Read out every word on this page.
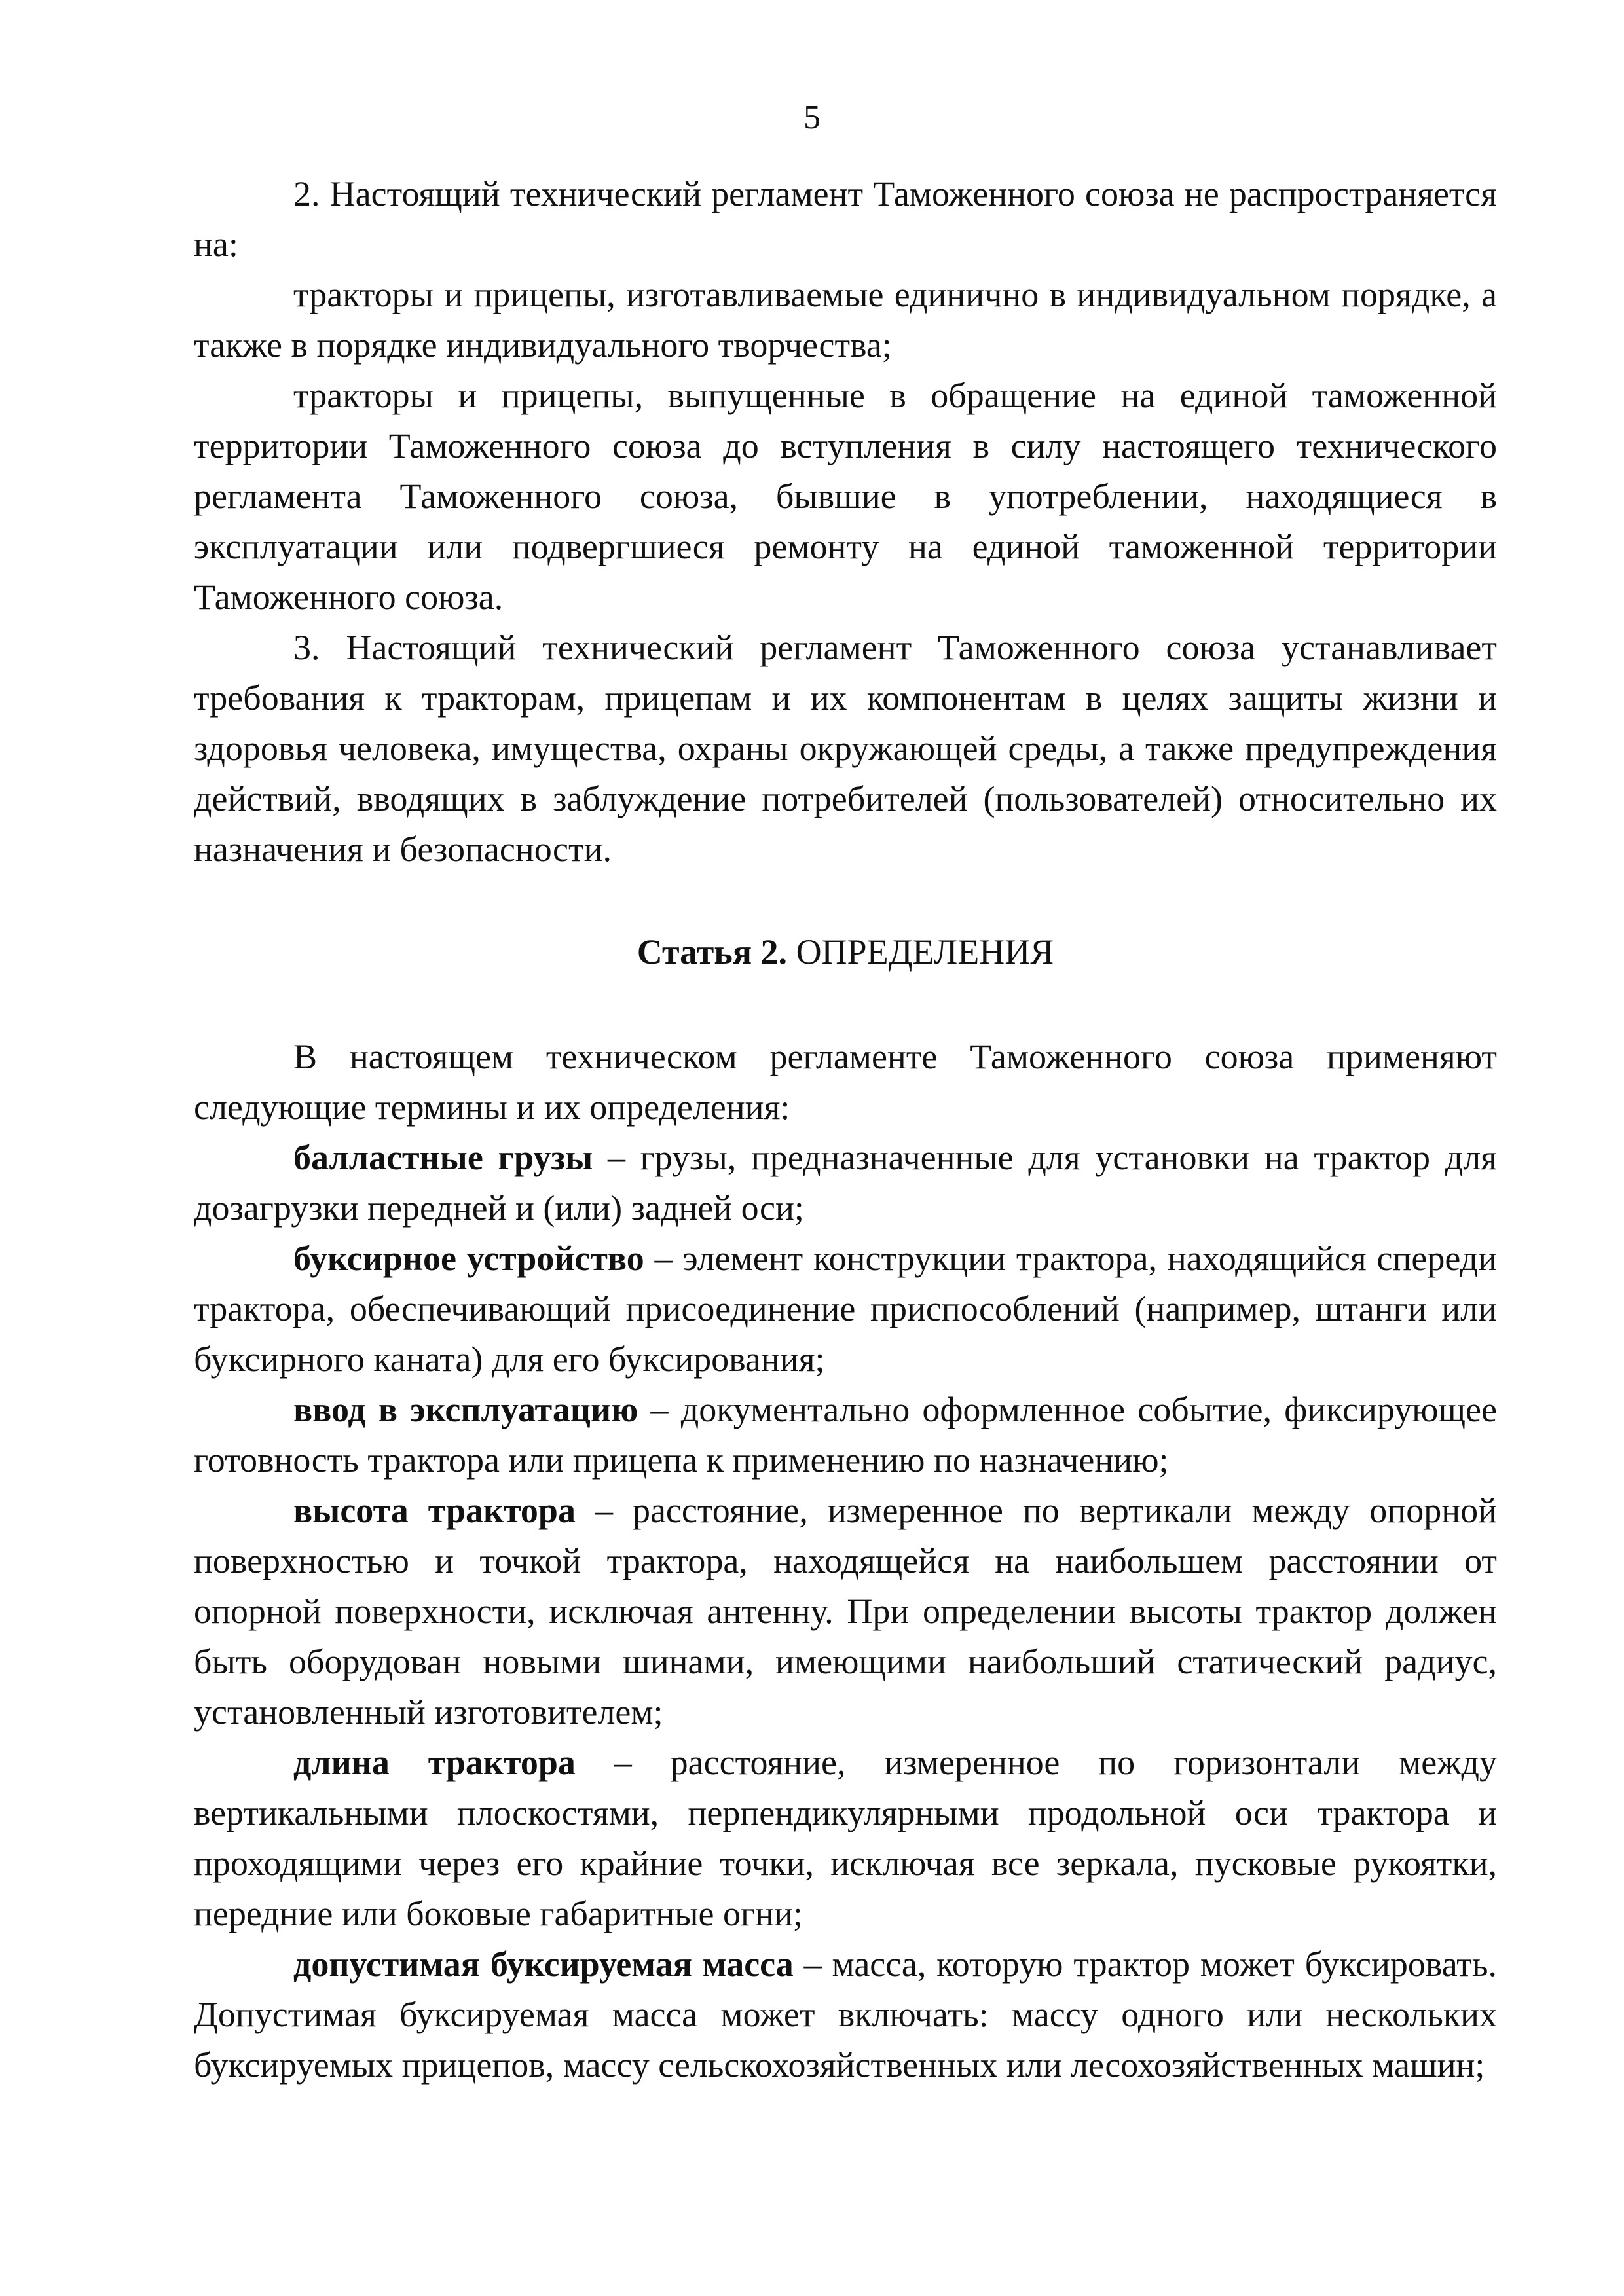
5

2. Настоящий технический регламент Таможенного союза не распространяется на:

тракторы и прицепы, изготавливаемые единично в индивидуальном порядке, а также в порядке индивидуального творчества;

тракторы и прицепы, выпущенные в обращение на единой таможенной территории Таможенного союза до вступления в силу настоящего технического регламента Таможенного союза, бывшие в употреблении, находящиеся в эксплуатации или подвергшиеся ремонту на единой таможенной территории Таможенного союза.

3. Настоящий технический регламент Таможенного союза устанавливает требования к тракторам, прицепам и их компонентам в целях защиты жизни и здоровья человека, имущества, охраны окружающей среды, а также предупреждения действий, вводящих в заблуждение потребителей (пользователей) относительно их назначения и безопасности.

Статья 2. ОПРЕДЕЛЕНИЯ

В настоящем техническом регламенте Таможенного союза применяют следующие термины и их определения:

балластные грузы – грузы, предназначенные для установки на трактор для дозагрузки передней и (или) задней оси;

буксирное устройство – элемент конструкции трактора, находящийся спереди трактора, обеспечивающий присоединение приспособлений (например, штанги или буксирного каната) для его буксирования;

ввод в эксплуатацию – документально оформленное событие, фиксирующее готовность трактора или прицепа к применению по назначению;

высота трактора – расстояние, измеренное по вертикали между опорной поверхностью и точкой трактора, находящейся на наибольшем расстоянии от опорной поверхности, исключая антенну. При определении высоты трактор должен быть оборудован новыми шинами, имеющими наибольший статический радиус, установленный изготовителем;

длина трактора – расстояние, измеренное по горизонтали между вертикальными плоскостями, перпендикулярными продольной оси трактора и проходящими через его крайние точки, исключая все зеркала, пусковые рукоятки, передние или боковые габаритные огни;

допустимая буксируемая масса – масса, которую трактор может буксировать. Допустимая буксируемая масса может включать: массу одного или нескольких буксируемых прицепов, массу сельскохозяйственных или лесохозяйственных машин;
